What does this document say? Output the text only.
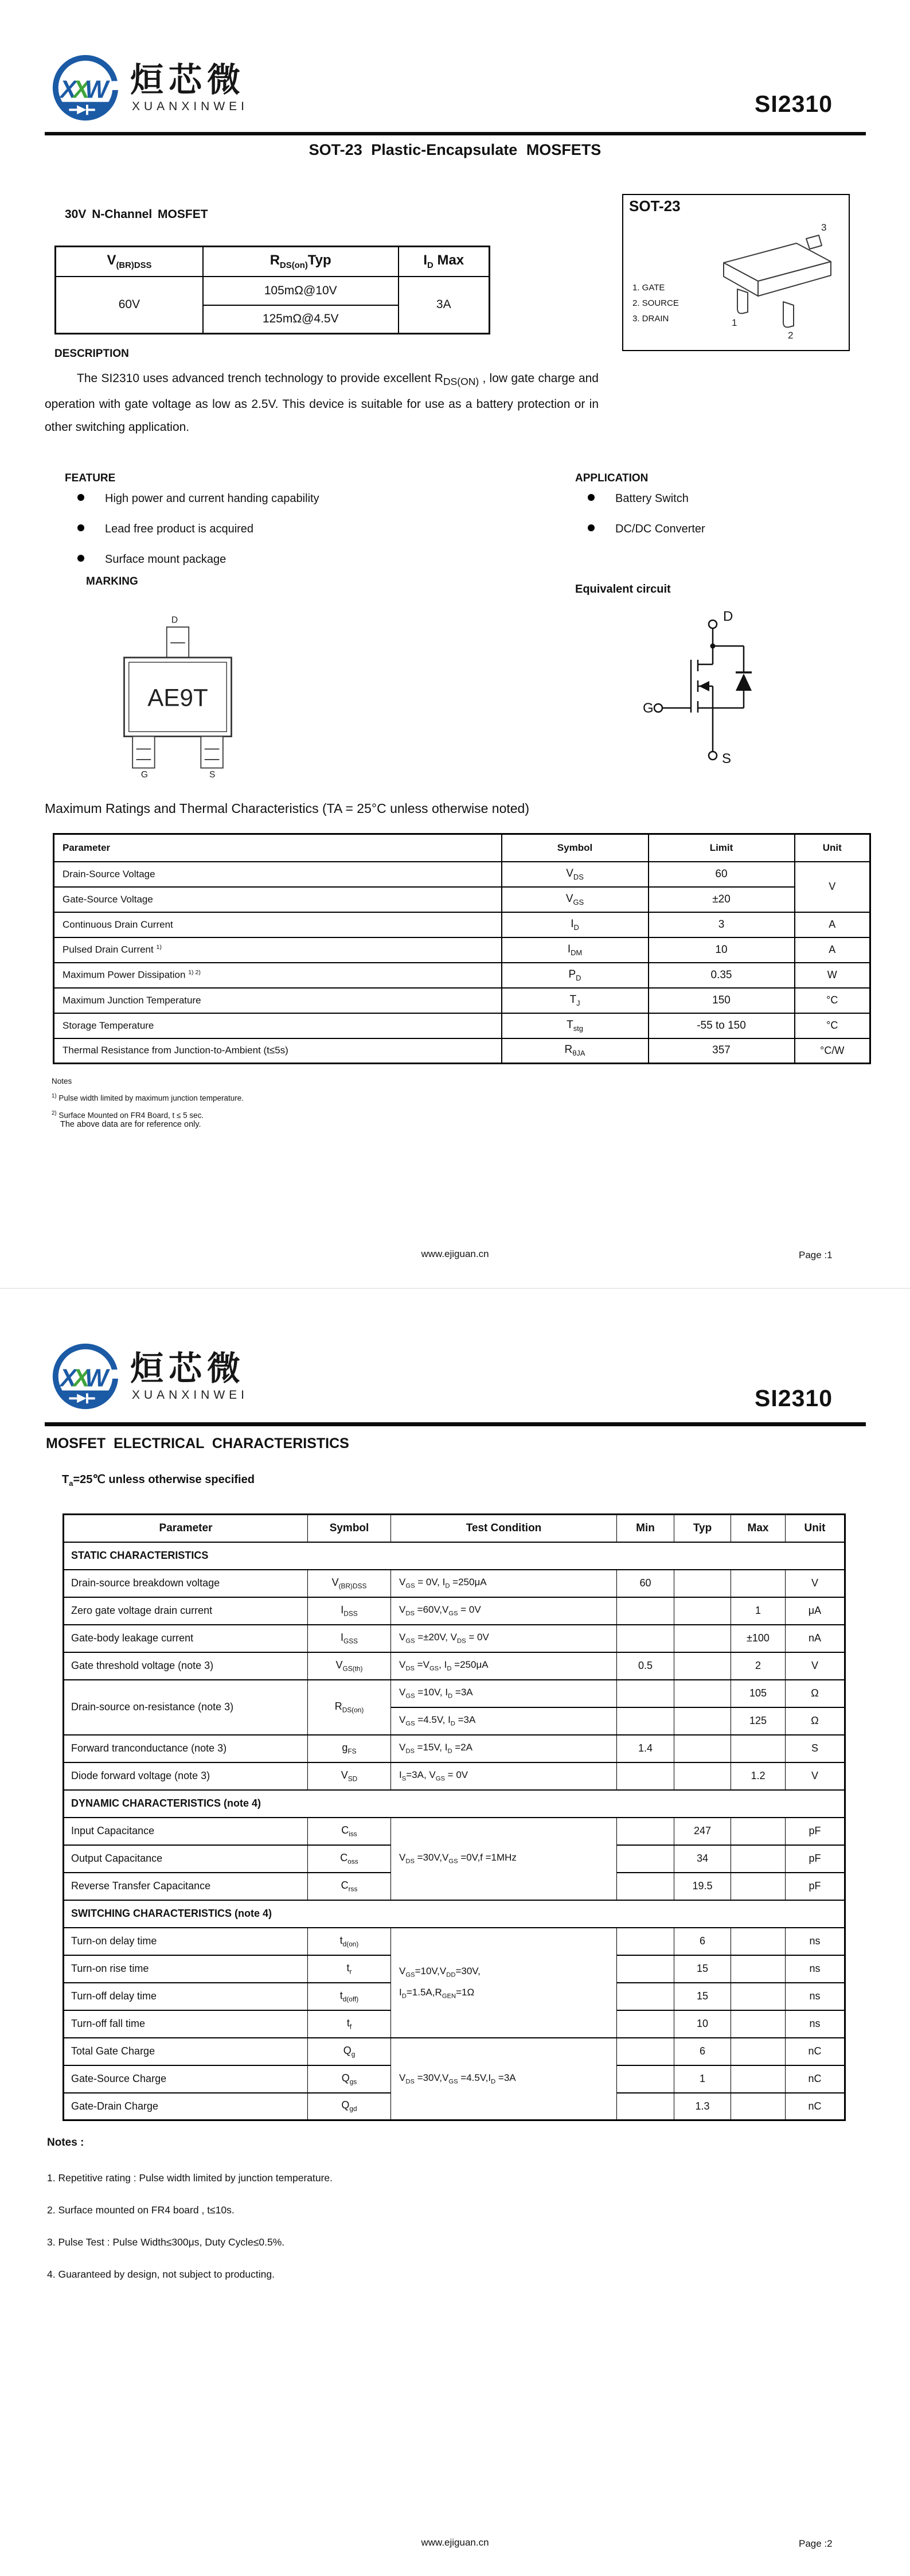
X
X
W 烜芯微
XUANXINWEI	SI2310
SOT-23 Plastic-Encapsulate MOSFETS
30V N-Channel MOSFET
$V_{(BR)DSS}$	$R_{DS(on)}Typ$	$I_D$ Max
60V	105mΩ@10V	3A
	125mΩ@4.5V	
SOT-23
1. GATE
2. SOURCE
3. DRAIN
3
1
2
DESCRIPTION
The SI2310 uses advanced trench technology to provide excellent $R_{DS(ON)}$ , low gate charge and operation with gate voltage as low as 2.5V. This device is suitable for use as a battery protection or in other switching application.
FEATURE
High power and current handing capability
Lead free product is acquired
Surface mount package
APPLICATION
Battery Switch
DC/DC Converter
MARKING
D
AE9T
G	S
Equivalent circuit
D
G
S
Maximum Ratings and Thermal Characteristics (TA = 25°C unless otherwise noted)
Parameter	Symbol	Limit	Unit
Drain-Source Voltage	$V_{DS}$	60	V
Gate-Source Voltage	$V_{GS}$	±20	
Continuous Drain Current	$I_D$	3	A
Pulsed Drain Current $^{1)}$	$I_{DM}$	10	A
Maximum Power Dissipation $^{1) 2)}$	$P_D$	0.35	W
Maximum Junction Temperature	$T_J$	150	°C
Storage Temperature	$T_{stg}$	-55 to 150	°C
Thermal Resistance from Junction-to-Ambient (t≤5s)	$R_{\theta JA}$	357	°C/W
Notes
$^{1)}$ Pulse width limited by maximum junction temperature.
$^{2)}$ Surface Mounted on FR4 Board, t ≤ 5 sec.
The above data are for reference only.
www.ejiguan.cn	Page :1
X
X
W 烜芯微
XUANXINWEI	SI2310
MOSFET ELECTRICAL CHARACTERISTICS
$T_a=25℃$ unless otherwise specified
Parameter	Symbol	Test Condition	Min	Typ	Max	Unit
STATIC CHARACTERISTICS						
Drain-source breakdown voltage	$V_{(BR)DSS}$	$V_{GS} = 0V$, $I_D =250\mu A$	60			V
Zero gate voltage drain current	$I_{DSS}$	$V_{DS} =60V,V_{GS} = 0V$			1	μA
Gate-body leakage current	$I_{GSS}$	$V_{GS} =\pm 20V$, $V_{DS} = 0V$			±100	nA
Gate threshold voltage (note 3)	$V_{GS(th)}$	$V_{DS} =V_{GS}$, $I_D =250\mu A$	0.5		2	V
Drain-source on-resistance (note 3)	$R_{DS(on)}$	$V_{GS} =10V$, $I_D =3A$			105	Ω
		$V_{GS} =4.5V$, $I_D =3A$			125	Ω
Forward tranconductance (note 3)	$g_{FS}$	$V_{DS} =15V$, $I_D =2A$	1.4			S
Diode forward voltage (note 3)	$V_{SD}$	$I_S=3A$, $V_{GS} = 0V$			1.2	V
DYNAMIC CHARACTERISTICS (note 4)						
Input Capacitance	$C_{iss}$	$V_{DS} =30V,V_{GS} =0V,f =1MHz$		247		pF
Output Capacitance	$C_{oss}$			34		pF
Reverse Transfer Capacitance	$C_{rss}$			19.5		pF
SWITCHING CHARACTERISTICS (note 4)						
Turn-on delay time	$t_{d(on)}$	$V_{GS}=10V,V_{DD}=30V$,
$I_D=1.5A,R_{GEN}=1\Omega$		6		ns
Turn-on rise time	$t_r$			15		ns
Turn-off delay time	$t_{d(off)}$			15		ns
Turn-off fall time	$t_f$			10		ns
Total Gate Charge	$Q_g$	$V_{DS} =30V,V_{GS} =4.5V,I_D =3A$		6		nC
Gate-Source Charge	$Q_{gs}$			1		nC
Gate-Drain Charge	$Q_{gd}$			1.3		nC
Notes :
1. Repetitive rating : Pulse width limited by junction temperature.
2. Surface mounted on FR4 board , t≤10s.
3. Pulse Test : Pulse Width≤300μs, Duty Cycle≤0.5%.
4. Guaranteed by design, not subject to producting.
www.ejiguan.cn	Page :2
